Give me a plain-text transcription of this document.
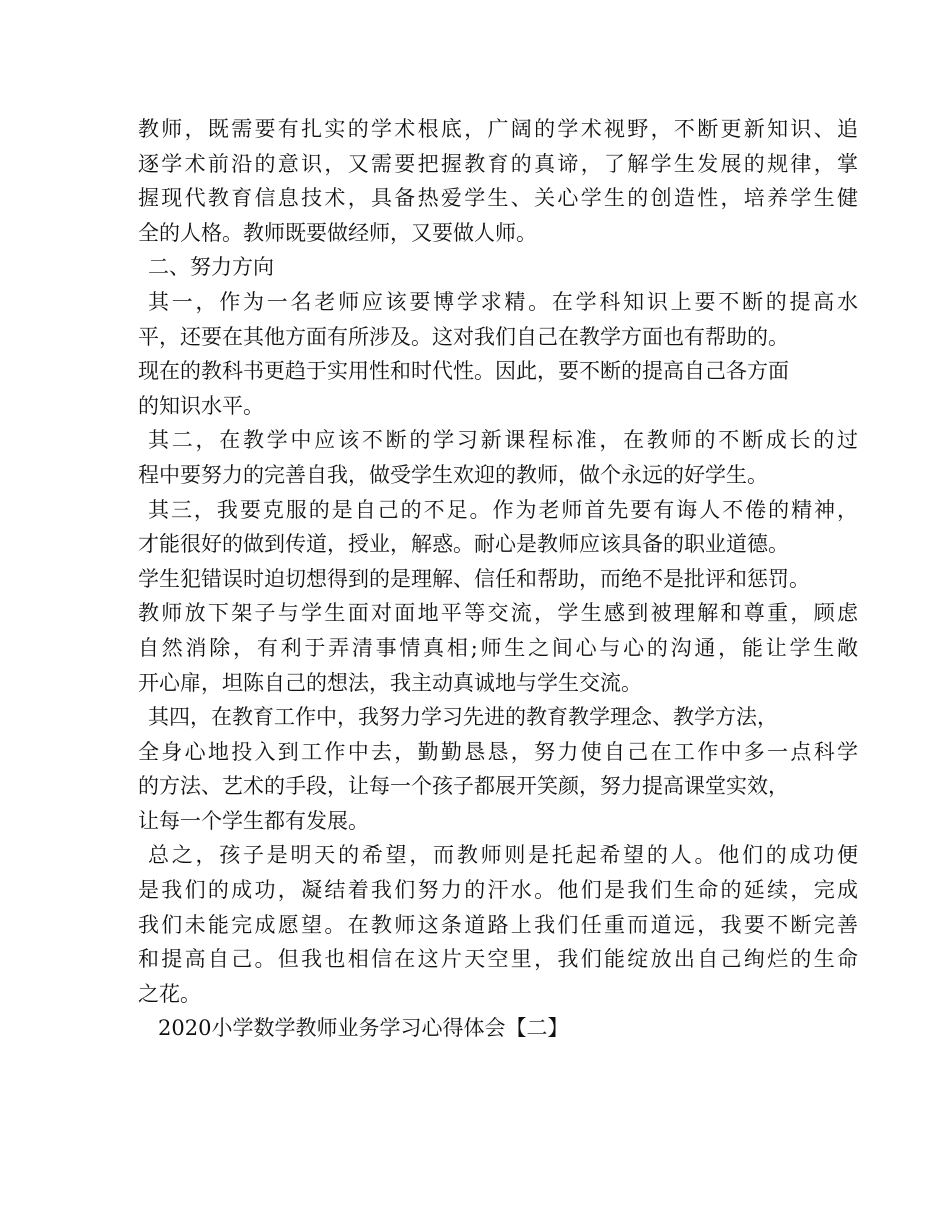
教师，既需要有扎实的学术根底，广阔的学术视野，不断更新知识、追
逐学术前沿的意识，又需要把握教育的真谛，了解学生发展的规律，掌
握现代教育信息技术，具备热爱学生、关心学生的创造性，培养学生健
全的人格。教师既要做经师，又要做人师。
二、努力方向
其一，作为一名老师应该要博学求精。在学科知识上要不断的提高水
平，还要在其他方面有所涉及。这对我们自己在教学方面也有帮助的。
现在的教科书更趋于实用性和时代性。因此，要不断的提高自己各方面
的知识水平。
其二，在教学中应该不断的学习新课程标准，在教师的不断成长的过
程中要努力的完善自我，做受学生欢迎的教师，做个永远的好学生。
其三，我要克服的是自己的不足。作为老师首先要有诲人不倦的精神，
才能很好的做到传道，授业，解惑。耐心是教师应该具备的职业道德。
学生犯错误时迫切想得到的是理解、信任和帮助，而绝不是批评和惩罚。
教师放下架子与学生面对面地平等交流，学生感到被理解和尊重，顾虑
自然消除，有利于弄清事情真相;师生之间心与心的沟通，能让学生敞
开心扉，坦陈自己的想法，我主动真诚地与学生交流。
其四，在教育工作中，我努力学习先进的教育教学理念、教学方法，
全身心地投入到工作中去，勤勤恳恳，努力使自己在工作中多一点科学
的方法、艺术的手段，让每一个孩子都展开笑颜，努力提高课堂实效，
让每一个学生都有发展。
总之，孩子是明天的希望，而教师则是托起希望的人。他们的成功便
是我们的成功，凝结着我们努力的汗水。他们是我们生命的延续，完成
我们未能完成愿望。在教师这条道路上我们任重而道远，我要不断完善
和提高自己。但我也相信在这片天空里，我们能绽放出自己绚烂的生命
之花。
2020小学数学教师业务学习心得体会【二】
